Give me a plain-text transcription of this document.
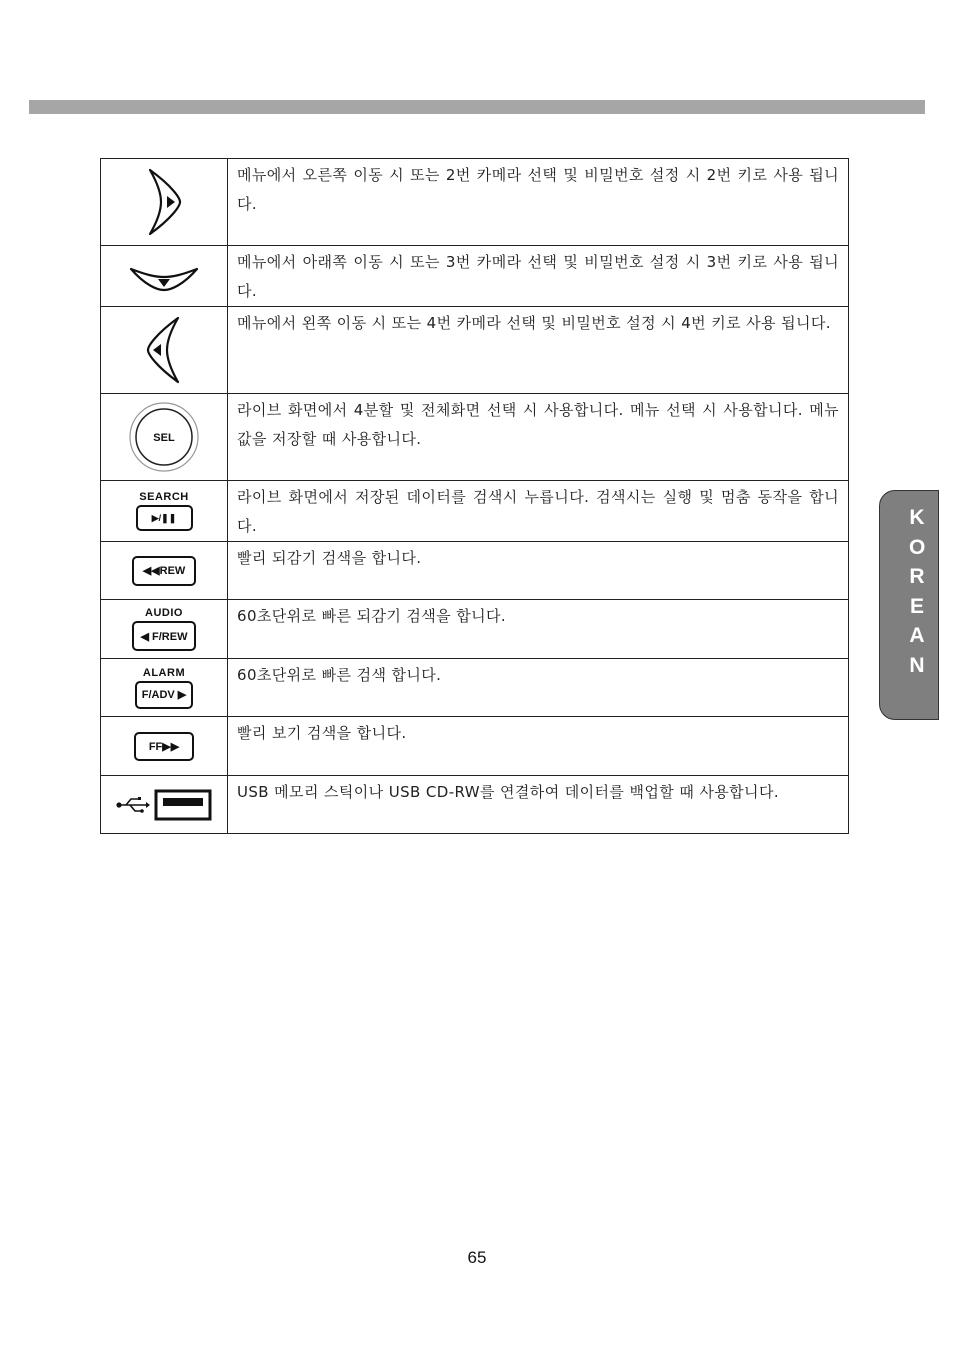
	메뉴에서 오른쪽 이동 시 또는 2번 카메라 선택 및 비밀번호 설정 시 2번 키로 사용 됩니다.

	메뉴에서 아래쪽 이동 시 또는 3번 카메라 선택 및 비밀번호 설정 시 3번 키로 사용 됩니다.

	메뉴에서 왼쪽 이동 시 또는 4번 카메라 선택 및 비밀번호 설정 시 4번 키로 사용 됩니다.

SEL	라이브 화면에서 4분할 및 전체화면 선택 시 사용합니다. 메뉴 선택 시 사용합니다. 메뉴 값을 저장할 때 사용합니다.

SEARCH
▶/❚❚	라이브 화면에서 저장된 데이터를 검색시 누릅니다. 검색시는 실행 및 멈춤 동작을 합니다.

◀◀REW	빨리 되감기 검색을 합니다.

AUDIO
◀ F/REW	60초단위로 빠른 되감기 검색을 합니다.

ALARM
F/ADV ▶	60초단위로 빠른 검색 합니다.

FF▶▶	빨리 보기 검색을 합니다.

	USB 메모리 스틱이나 USB CD-RW를 연결하여 데이터를 백업할 때 사용합니다.
K
O
R
E
A
N
65
